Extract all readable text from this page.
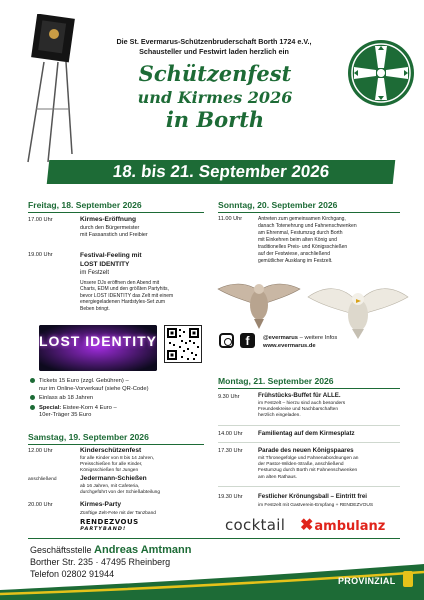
Die St. Evermarus-Schützenbruderschaft Borth 1724 e.V.,
Schausteller und Festwirt laden herzlich ein
Schützenfest
und Kirmes 2026
in Borth
18. bis 21. September 2026
Freitag, 18. September 2026
17.00 Uhr	Kirmes-Eröffnung
durch den Bürgermeister
mit Fassanstich und Freibier
19.00 Uhr	Festival-Feeling mit
LOST IDENTITY
im Festzelt
Unsere DJs eröffnen den Abend mit
Charts, EDM und den größten Partyhits,
bevor LOST IDENTITY das Zelt mit einem
energiegeladenen Hardstyles-Set zum
Beben bringt.
LOST IDENTITY
Tickets 15 Euro (zzgl. Gebühren) –
nur im Online-Vorverkauf (siehe QR-Code)
Einlass ab 18 Jahren
Special: Eistee-Korn 4 Euro –
10er-Träger 35 Euro
Samstag, 19. September 2026
12.00 Uhr	Kinderschützenfest
für alle Kinder von 8 bis 14 Jahren,
Preisschießen für alle Kinder,
Königsschießen für Jungen
anschließend	Jedermann-Schießen
ab 16 Jahren, mit Cafeteria,
durchgeführt von der Schießabteilung
20.00 Uhr	Kirmes-Party
Zünftige Zelt-Fete mit der Tanzband
RENDEZVOUS
PARTYBAND!
Sonntag, 20. September 2026
11.00 Uhr	Antreten zum gemeinsamen Kirchgang,
danach Totenehrung und Fahnenschwenken
am Ehrenmal, Festumzug durch Borth
mit Einkehren beim alten König und
traditionelles Preis- und Königsschießen
auf der Festwiese, anschließend
gemütlicher Ausklang im Festzelt.
f	@evermarus – weitere Infos
www.evermarus.de
Montag, 21. September 2026
9.30 Uhr	Frühstücks-Buffet für ALLE.
im Festzelt – hierzu sind auch besonders
Freundeskreise und Nachbarschaften
herzlich eingeladen.
14.00 Uhr Familientag auf dem Kirmesplatz
17.30 Uhr Parade des neuen Königspaares
mit Thronegefolge und Fahnenabordnungen an
der Pastor-Wilden-Straße, anschließend
Festumzug durch Borth mit Fahnenschwenken
am alten Rathaus.
19.30 Uhr Festlicher Krönungsball – Eintritt frei
im Festzelt mit Gastverein-Empfang + RENDEZVOUS
cocktail ✖ambulanz
Geschäftsstelle Andreas Amtmann
Borther Str. 235 · 47495 Rheinberg
Telefon 02802 91944
PROVINZIAL
